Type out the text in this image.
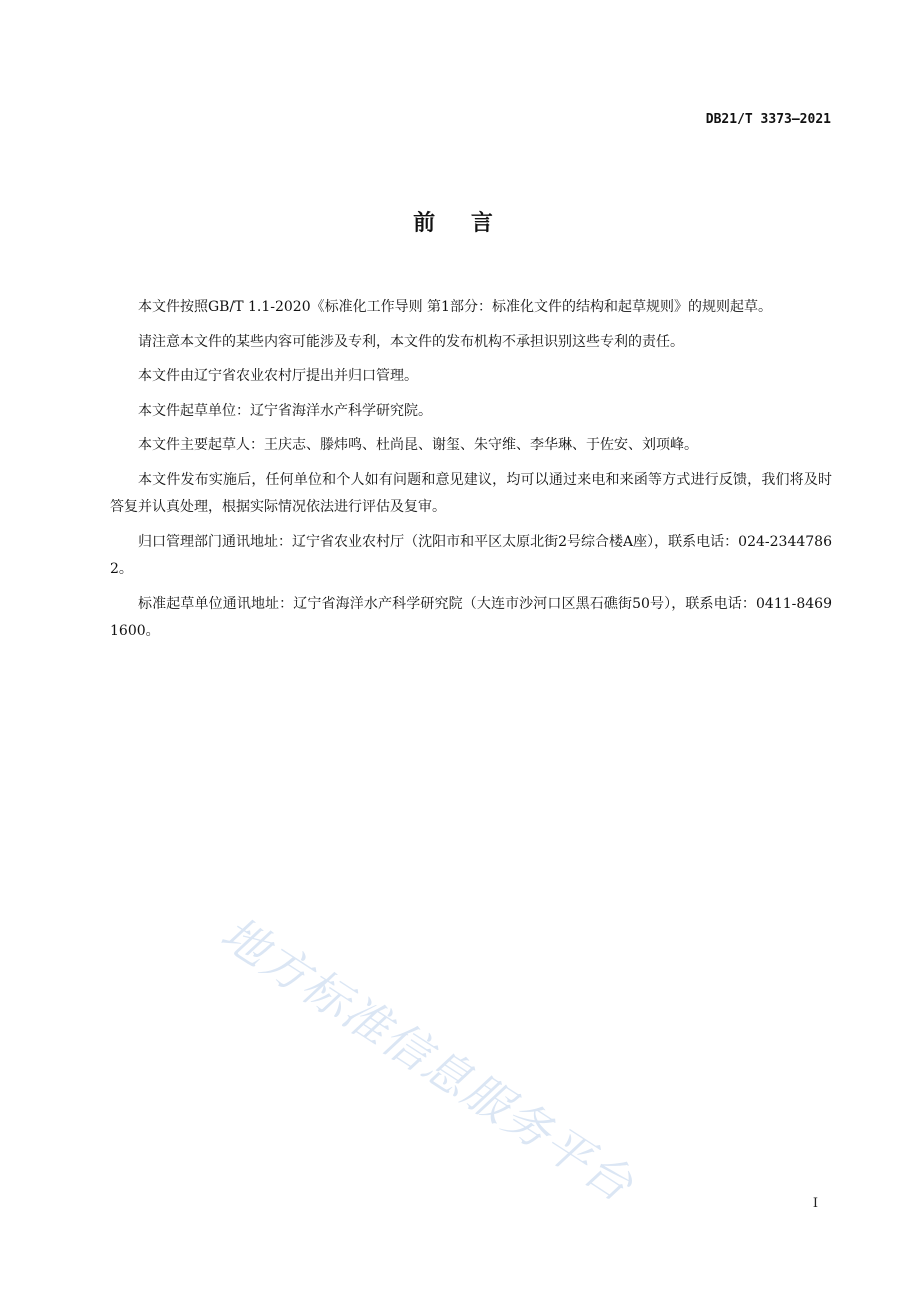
DB21/T 3373—2021
前 言

本文件按照GB/T 1.1-2020《标准化工作导则 第1部分：标准化文件的结构和起草规则》的规则起草。

请注意本文件的某些内容可能涉及专利，本文件的发布机构不承担识别这些专利的责任。

本文件由辽宁省农业农村厅提出并归口管理。

本文件起草单位：辽宁省海洋水产科学研究院。

本文件主要起草人：王庆志、滕炜鸣、杜尚昆、谢玺、朱守维、李华琳、于佐安、刘项峰。

本文件发布实施后，任何单位和个人如有问题和意见建议，均可以通过来电和来函等方式进行反馈，我们将及时答复并认真处理，根据实际情况依法进行评估及复审。

归口管理部门通讯地址：辽宁省农业农村厅（沈阳市和平区太原北街2号综合楼A座），联系电话：024-23447862。

标准起草单位通讯地址：辽宁省海洋水产科学研究院（大连市沙河口区黑石礁街50号），联系电话：0411-84691600。

地方标准信息服务平台	I
